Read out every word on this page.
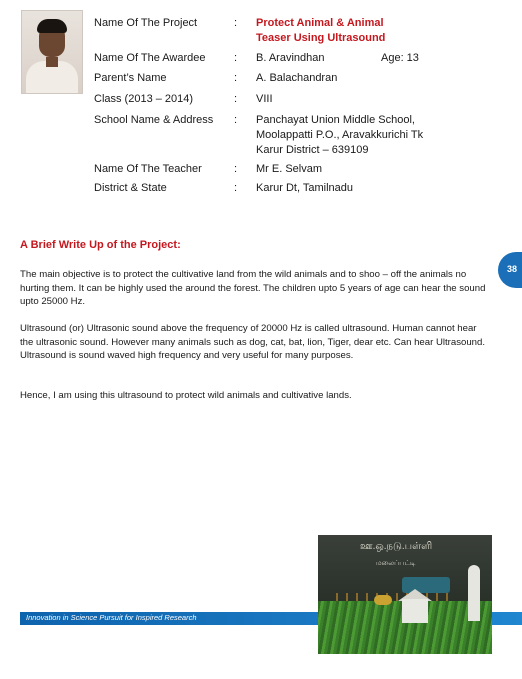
Name Of The Project	: Protect Animal & Animal
Teaser Using Ultrasound
Name Of The Awardee	: B. Aravindhan	Age: 13
Parent’s Name	: A. Balachandran
Class (2013 – 2014)	: VIII
School Name & Address	: Panchayat Union Middle School,
Moolappatti P.O., Aravakkurichi Tk
Karur District – 639109
Name Of The Teacher	: Mr E. Selvam
District & State	: Karur Dt, Tamilnadu
A Brief Write Up of the Project:

The main objective is to protect the cultivative land from the wild animals and to shoo – off the animals no hurting them. It can be highly used the around the forest. The children upto 5 years of age can hear the sound upto 25000 Hz.

Ultrasound (or) Ultrasonic sound above the frequency of 20000 Hz is called ultrasound. Human cannot hear the ultrasonic sound. However many animals such as dog, cat, bat, lion, Tiger, dear etc. Can hear Ultrasound. Ultrasound is sound waved high frequency and very useful for many purposes.

Hence, I am using this ultrasound to protect wild animals and cultivative lands.

38
Innovation in Science Pursuit for Inspired Research
ஊ.ஒ.நடு.பள்ளி
மலைப்பட்டி
